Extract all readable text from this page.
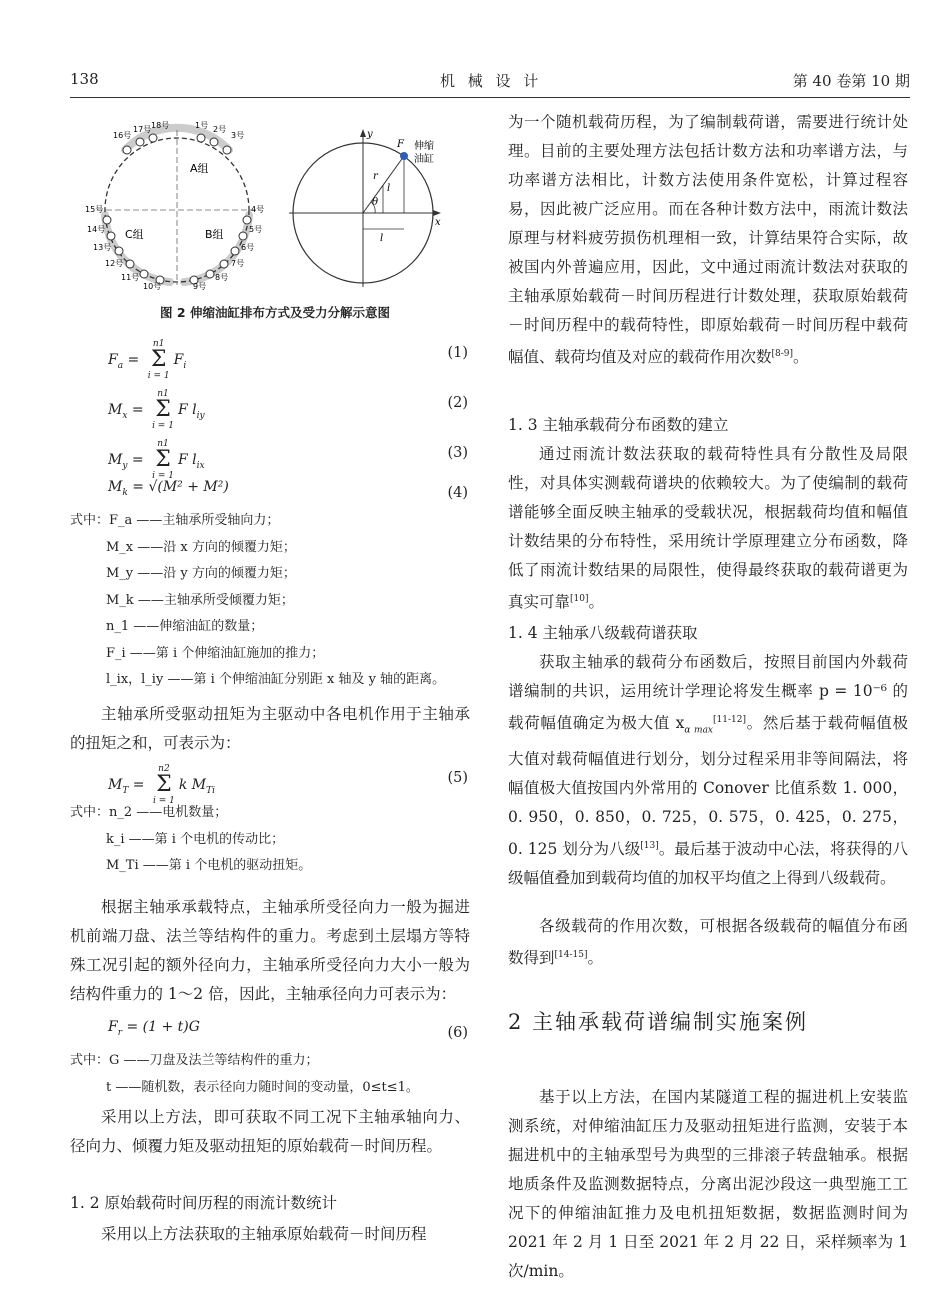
138	机 械 设 计	第 40 卷第 10 期
A组
C组	B组
16号
17号 18号	1号 2号
3号
15号
14号
13号
12号
11号
10号
4号
5号
6号
7号
8号
9号
y
x
F
r
θ
l
l
伸缩
油缸
图 2 伸缩油缸排布方式及受力分解示意图
$F_a$ =
n1
Σ
i = 1
$F_i$
(1)
$M_x$ =
n1
Σ
i = 1
F $l_{iy}$
(2)
$M_y$ =
n1
Σ
i = 1
F $l_{ix}$
(3)
$M_k = √(M^2 + M^2)$	(4)
式中：F_a ——主轴承所受轴向力；
M_x ——沿 x 方向的倾覆力矩；
M_y ——沿 y 方向的倾覆力矩；
M_k ——主轴承所受倾覆力矩；
n_1 ——伸缩油缸的数量；
F_i ——第 i 个伸缩油缸施加的推力；
l_ix，l_iy ——第 i 个伸缩油缸分别距 x 轴及 y 轴的距离。

主轴承所受驱动扭矩为主驱动中各电机作用于主轴承的扭矩之和，可表示为：

$M_T$ =
n2
Σ
i = 1
k $M_{Ti}$
(5)
式中：n_2 ——电机数量；
k_i ——第 i 个电机的传动比；
M_Ti ——第 i 个电机的驱动扭矩。

根据主轴承承载特点，主轴承所受径向力一般为掘进机前端刀盘、法兰等结构件的重力。考虑到土层塌方等特殊工况引起的额外径向力，主轴承所受径向力大小一般为结构件重力的 1～2 倍，因此，主轴承径向力可表示为：

$F_r = (1 + t)G$	(6)
式中：G ——刀盘及法兰等结构件的重力；
t ——随机数，表示径向力随时间的变动量，0≤t≤1。

采用以上方法，即可获取不同工况下主轴承轴向力、径向力、倾覆力矩及驱动扭矩的原始载荷－时间历程。

1. 2 原始载荷时间历程的雨流计数统计

采用以上方法获取的主轴承原始载荷－时间历程

为一个随机载荷历程，为了编制载荷谱，需要进行统计处理。目前的主要处理方法包括计数方法和功率谱方法，与功率谱方法相比，计数方法使用条件宽松，计算过程容易，因此被广泛应用。而在各种计数方法中，雨流计数法原理与材料疲劳损伤机理相一致，计算结果符合实际，故被国内外普遍应用，因此，文中通过雨流计数法对获取的主轴承原始载荷－时间历程进行计数处理，获取原始载荷－时间历程中的载荷特性，即原始载荷－时间历程中载荷幅值、载荷均值及对应的载荷作用次数[8-9]。

1. 3 主轴承载荷分布函数的建立

通过雨流计数法获取的载荷特性具有分散性及局限性，对具体实测载荷谱块的依赖较大。为了使编制的载荷谱能够全面反映主轴承的受载状况，根据载荷均值和幅值计数结果的分布特性，采用统计学原理建立分布函数，降低了雨流计数结果的局限性，使得最终获取的载荷谱更为真实可靠[10]。

1. 4 主轴承八级载荷谱获取

获取主轴承的载荷分布函数后，按照目前国内外载荷谱编制的共识，运用统计学理论将发生概率 p = 10⁻⁶ 的载荷幅值确定为极大值 $x_{\alpha max}[11-12]$。然后基于载荷幅值极大值对载荷幅值进行划分，划分过程采用非等间隔法，将幅值极大值按国内外常用的 Conover 比值系数 1. 000，0. 950，0. 850，0. 725，0. 575，0. 425，0. 275，0. 125 划分为八级[13]。最后基于波动中心法，将获得的八级幅值叠加到载荷均值的加权平均值之上得到八级载荷。

各级载荷的作用次数，可根据各级载荷的幅值分布函数得到[14-15]。

2 主轴承载荷谱编制实施案例

基于以上方法，在国内某隧道工程的掘进机上安装监测系统，对伸缩油缸压力及驱动扭矩进行监测，安装于本掘进机中的主轴承型号为典型的三排滚子转盘轴承。根据地质条件及监测数据特点，分离出泥沙段这一典型施工工况下的伸缩油缸推力及电机扭矩数据，数据监测时间为 2021 年 2 月 1 日至 2021 年 2 月 22 日，采样频率为 1 次/min。
